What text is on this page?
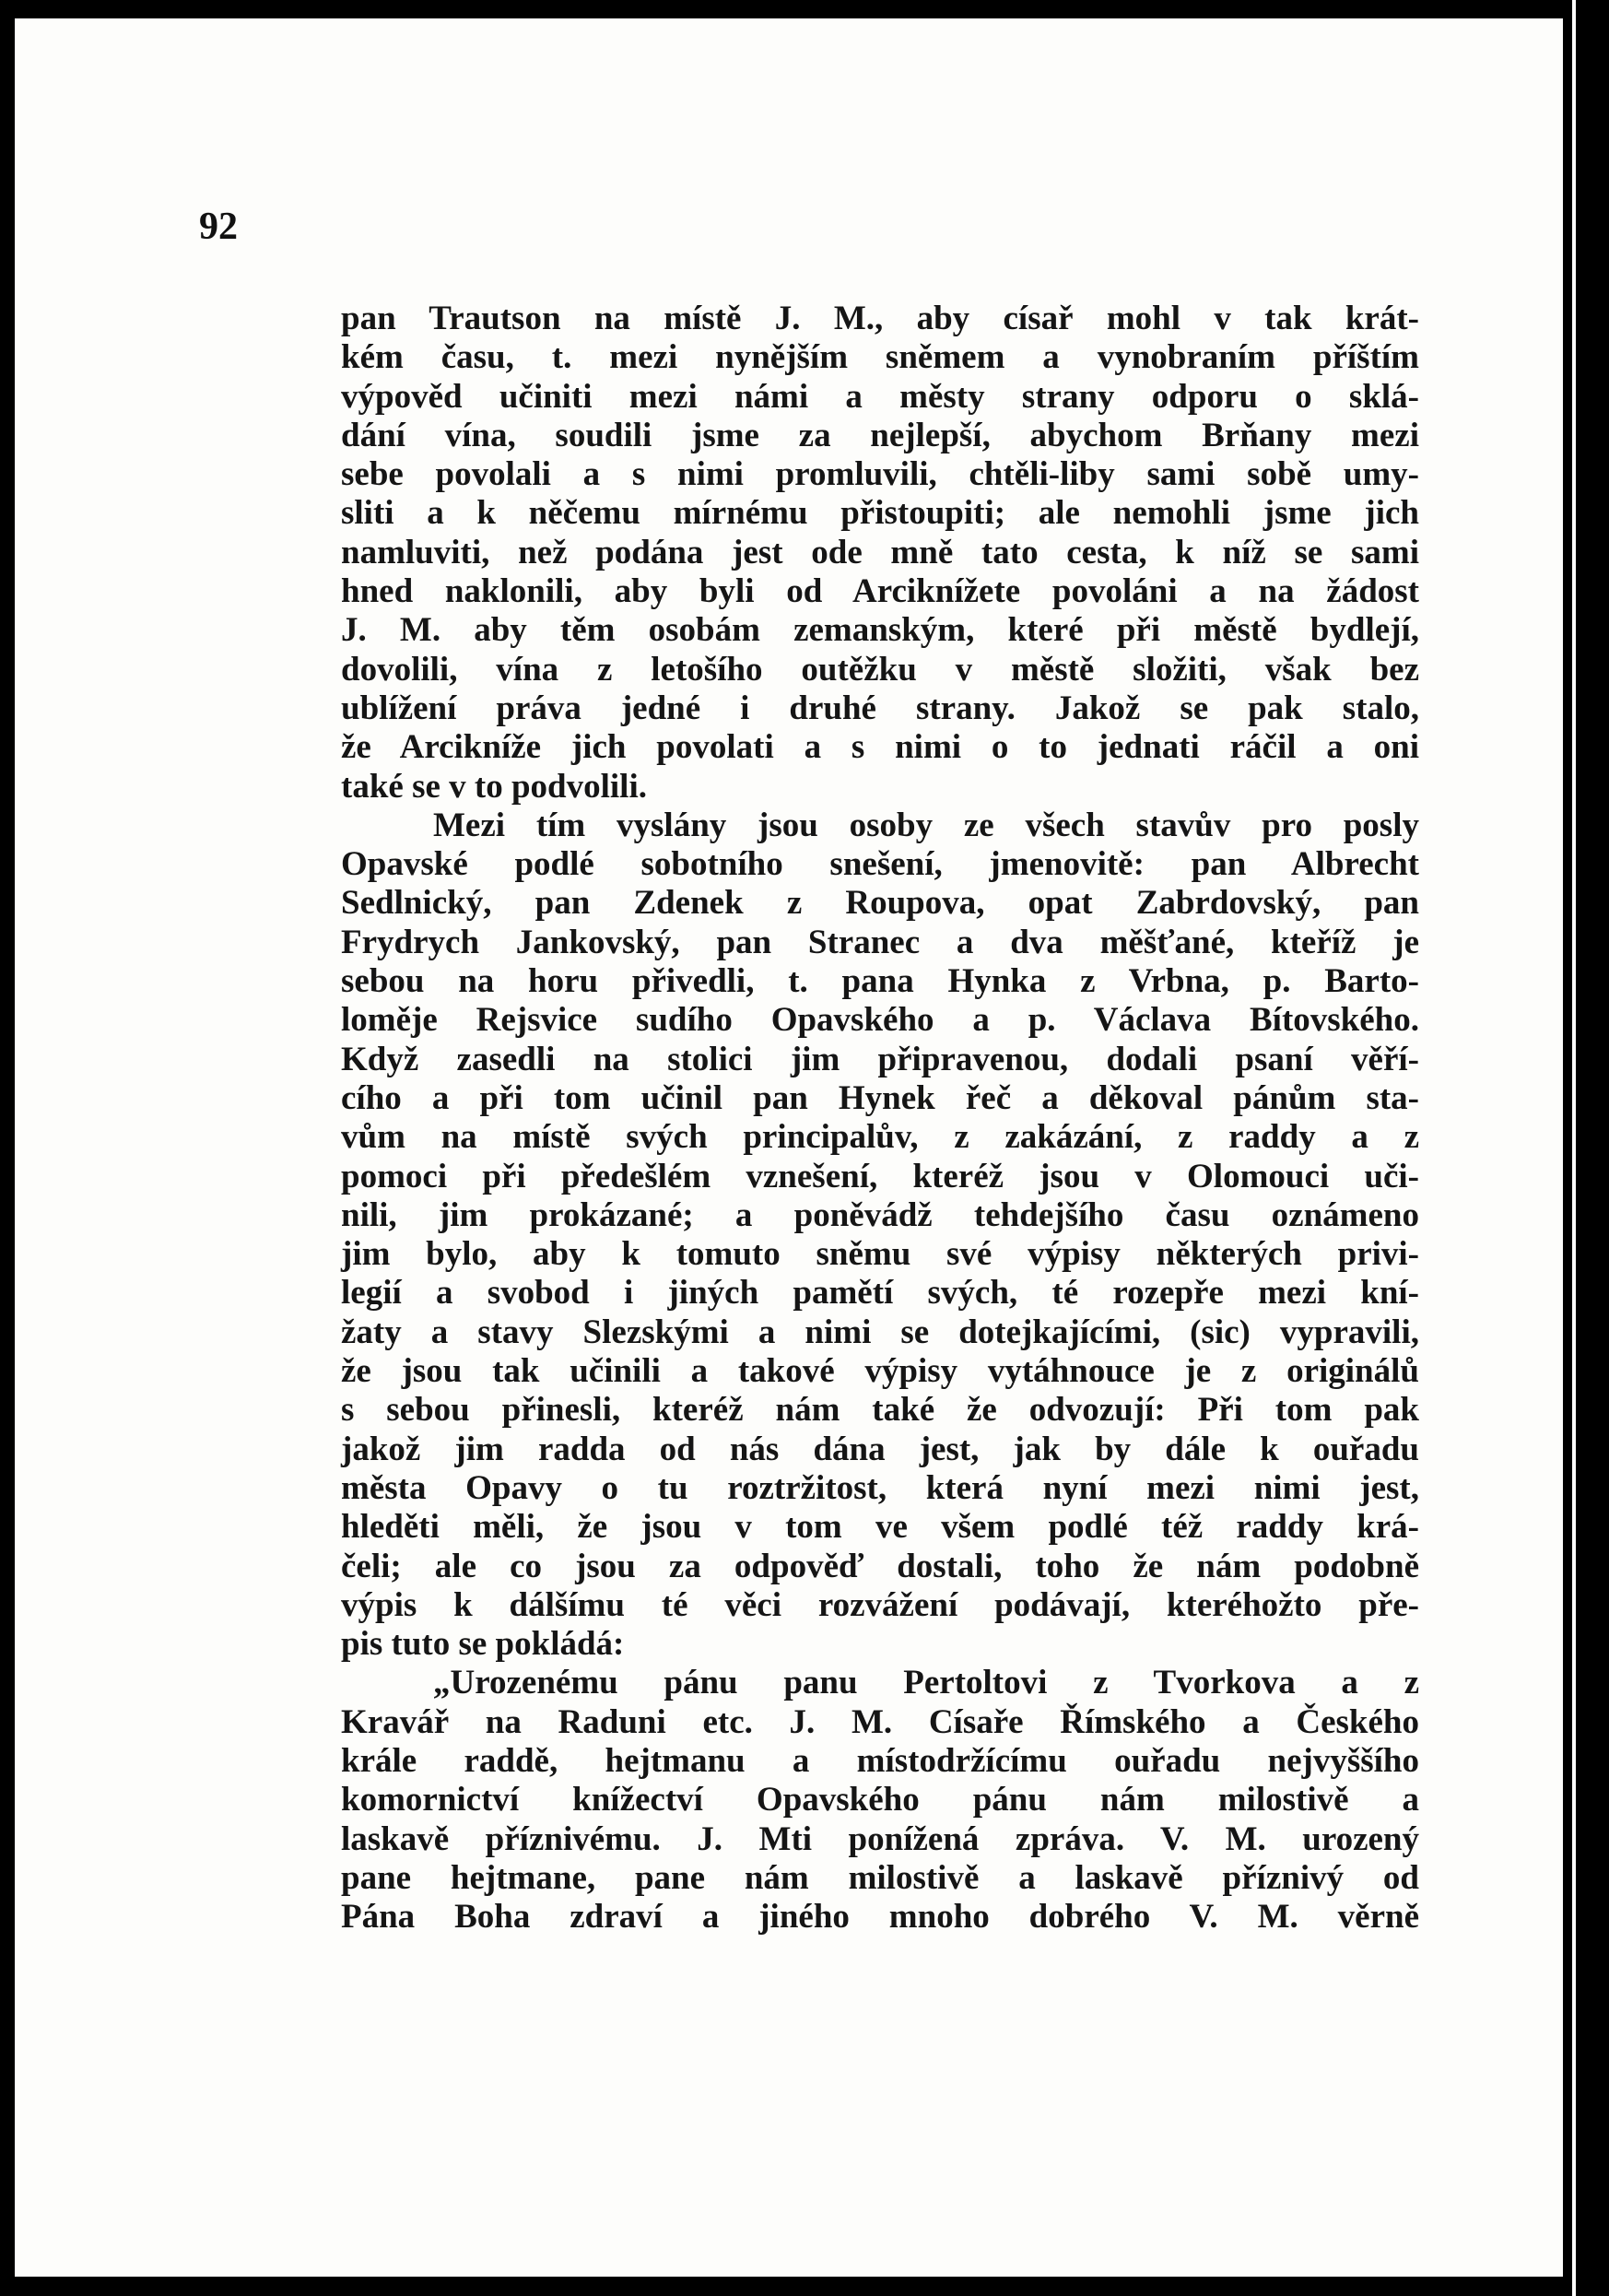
92
pan Trautson na místě J. M., aby císař mohl v tak krát-
kém času, t. mezi nynějším sněmem a vynobraním příštím
výpověd učiniti mezi námi a městy strany odporu o sklá-
dání vína, soudili jsme za nejlepší, abychom Brňany mezi
sebe povolali a s nimi promluvili, chtěli-liby sami sobě umy-
sliti a k něčemu mírnému přistoupiti; ale nemohli jsme jich
namluviti, než podána jest ode mně tato cesta, k níž se sami
hned naklonili, aby byli od Arciknížete povoláni a na žádost
J. M. aby těm osobám zemanským, které při městě bydlejí,
dovolili, vína z letošího outěžku v městě složiti, však bez
ublížení práva jedné i druhé strany. Jakož se pak stalo,
že Arcikníže jich povolati a s nimi o to jednati ráčil a oni
také se v to podvolili.
Mezi tím vyslány jsou osoby ze všech stavův pro posly
Opavské podlé sobotního snešení, jmenovitě: pan Albrecht
Sedlnický, pan Zdenek z Roupova, opat Zabrdovský, pan
Frydrych Jankovský, pan Stranec a dva měšťané, kteříž je
sebou na horu přivedli, t. pana Hynka z Vrbna, p. Barto-
loměje Rejsvice sudího Opavského a p. Václava Bítovského.
Když zasedli na stolici jim připravenou, dodali psaní věří-
cího a při tom učinil pan Hynek řeč a děkoval pánům sta-
vům na místě svých principalův, z zakázání, z raddy a z
pomoci při předešlém vznešení, kteréž jsou v Olomouci uči-
nili, jim prokázané; a poněvádž tehdejšího času oznámeno
jim bylo, aby k tomuto sněmu své výpisy některých privi-
legií a svobod i jiných pamětí svých, té rozepře mezi kní-
žaty a stavy Slezskými a nimi se dotejkajícími, (sic) vypravili,
že jsou tak učinili a takové výpisy vytáhnouce je z originálů
s sebou přinesli, kteréž nám také že odvozují: Při tom pak
jakož jim radda od nás dána jest, jak by dále k ouřadu
města Opavy o tu roztržitost, která nyní mezi nimi jest,
hleděti měli, že jsou v tom ve všem podlé též raddy krá-
čeli; ale co jsou za odpověď dostali, toho že nám podobně
výpis k dálšímu té věci rozvážení podávají, kteréhožto pře-
pis tuto se pokládá:
„Urozenému pánu panu Pertoltovi z Tvorkova a z
Kravář na Raduni etc. J. M. Císaře Římského a Českého
krále raddě, hejtmanu a místodržícímu ouřadu nejvyššího
komornictví knížectví Opavského pánu nám milostivě a
laskavě příznivému. J. Mti ponížená zpráva. V. M. urozený
pane hejtmane, pane nám milostivě a laskavě příznivý od
Pána Boha zdraví a jiného mnoho dobrého V. M. věrně
